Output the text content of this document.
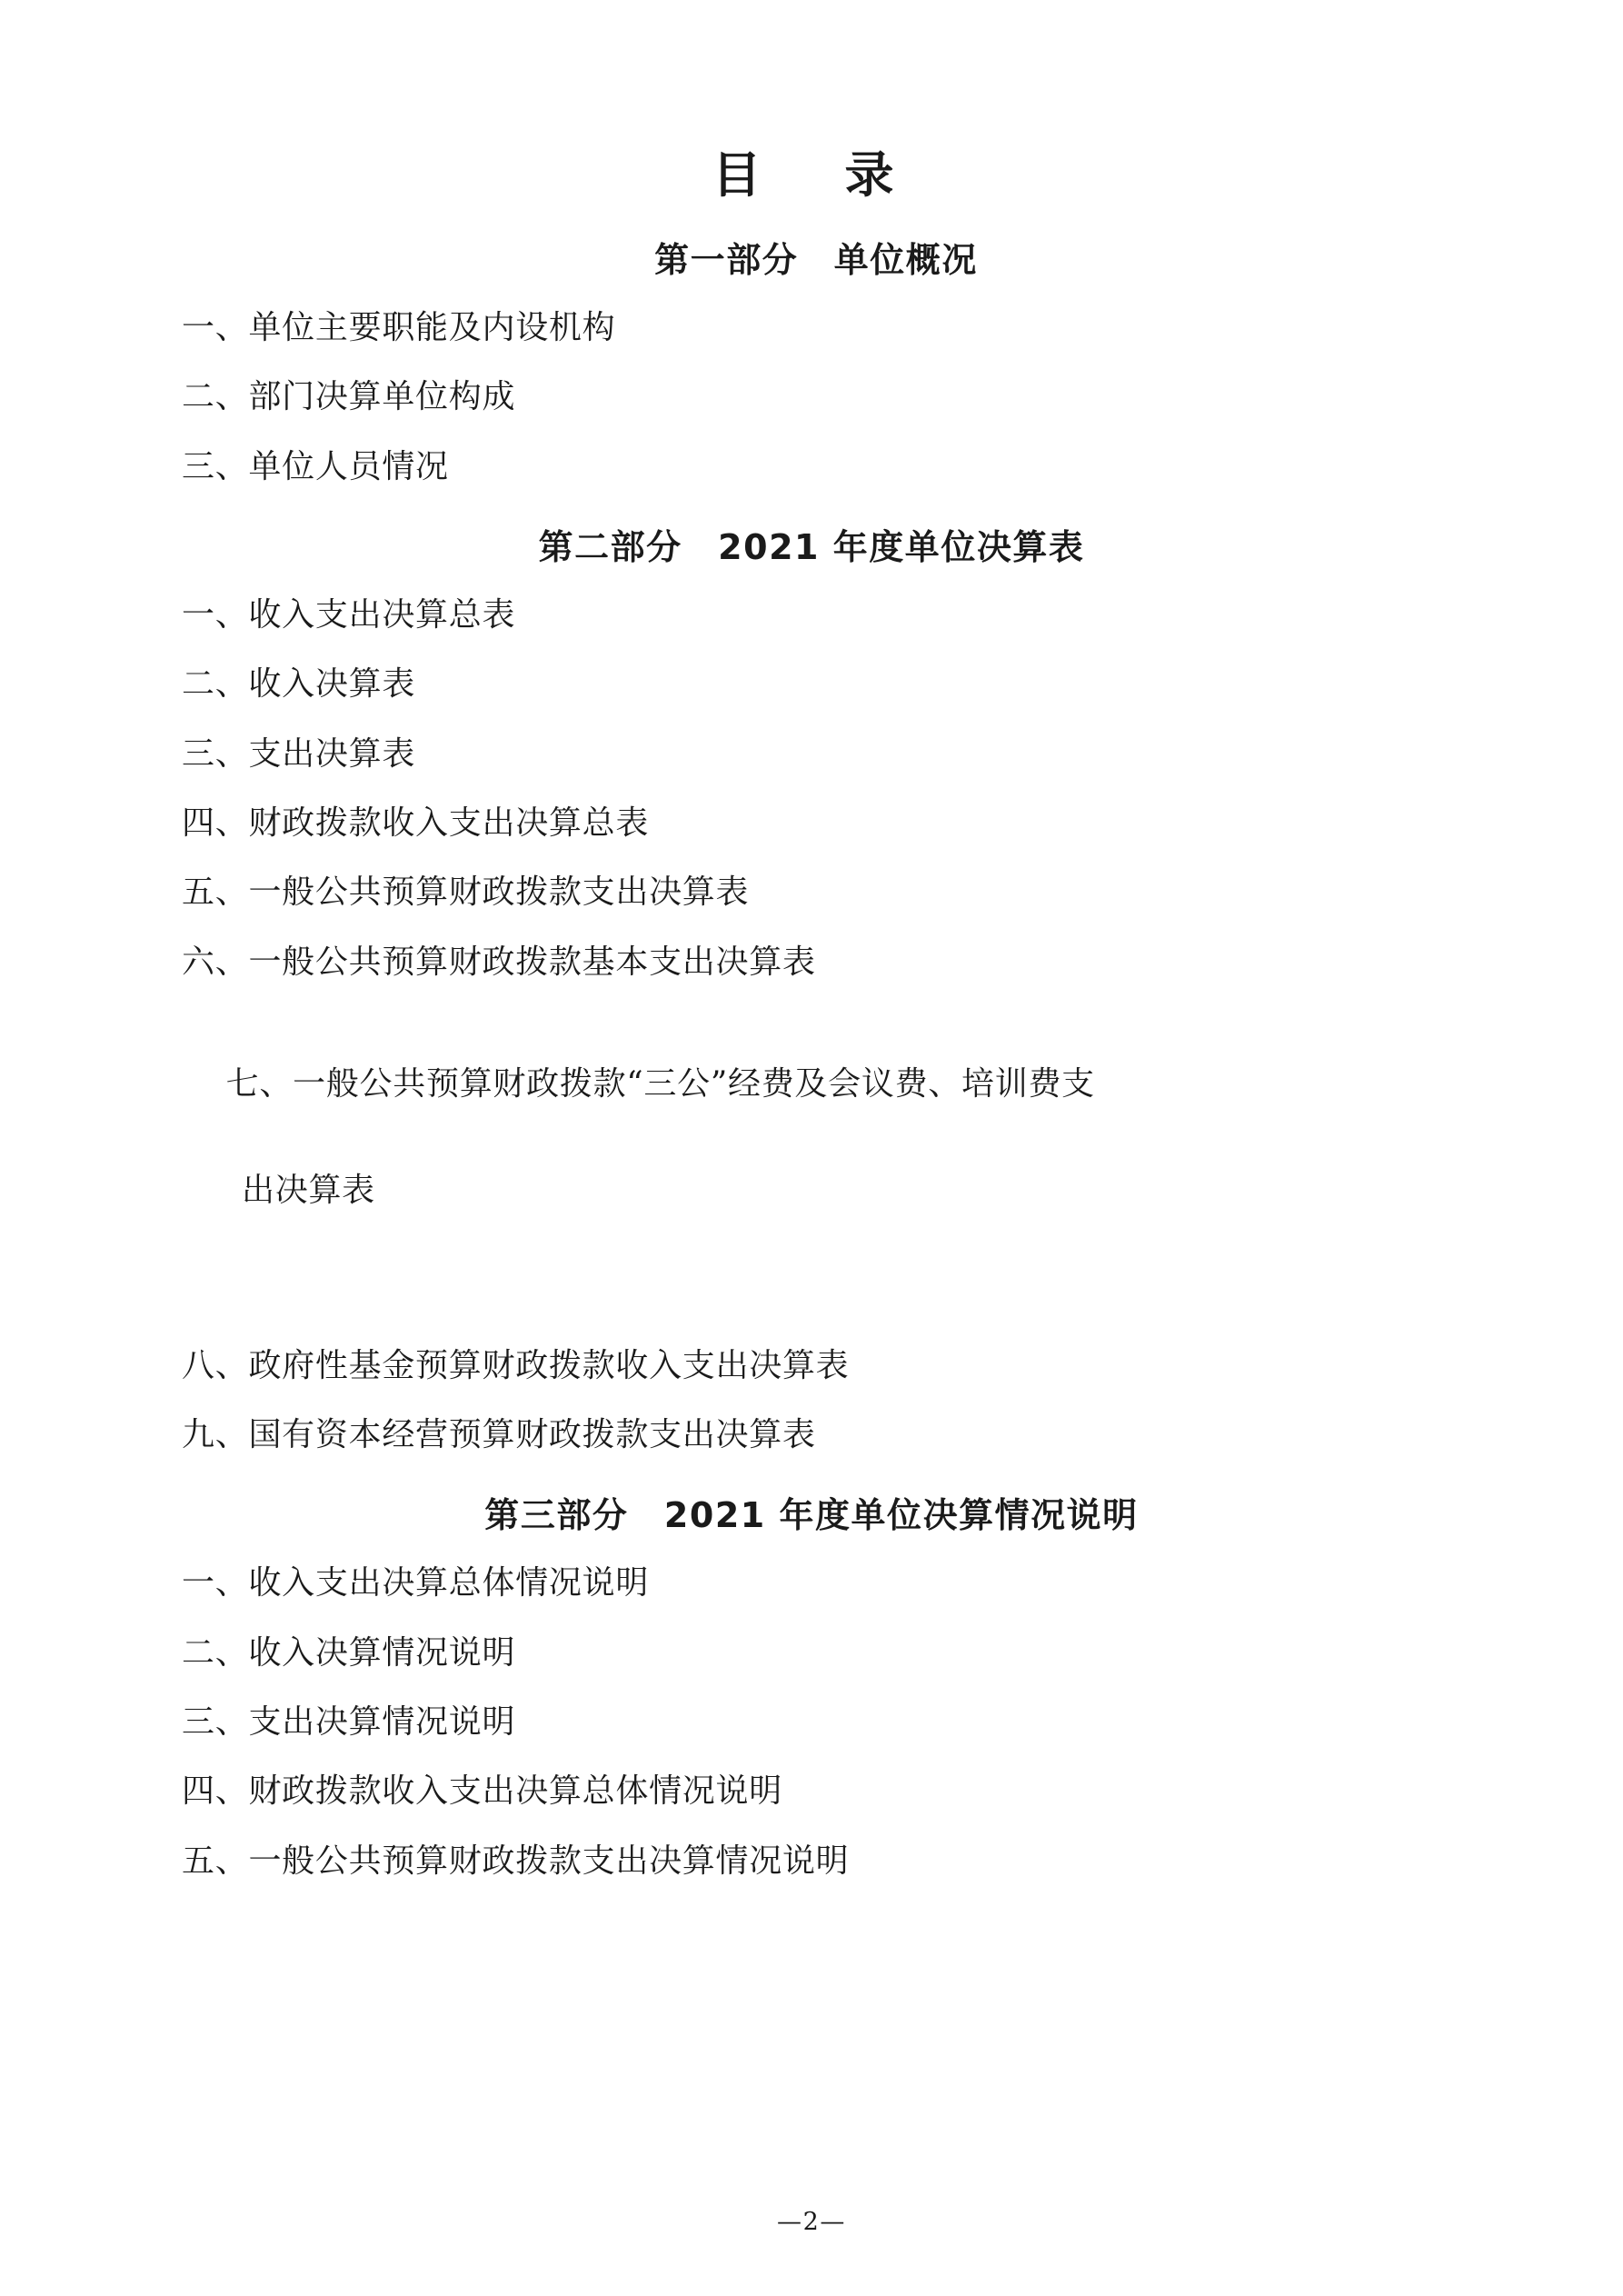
目　录
第一部分　单位概况
一、单位主要职能及内设机构
二、部门决算单位构成
三、单位人员情况
第二部分　2021 年度单位决算表
一、收入支出决算总表
二、收入决算表
三、支出决算表
四、财政拨款收入支出决算总表
五、一般公共预算财政拨款支出决算表
六、一般公共预算财政拨款基本支出决算表

七、一般公共预算财政拨款“三公”经费及会议费、培训费支

出决算表

八、政府性基金预算财政拨款收入支出决算表
九、国有资本经营预算财政拨款支出决算表
第三部分　2021 年度单位决算情况说明
一、收入支出决算总体情况说明
二、收入决算情况说明
三、支出决算情况说明
四、财政拨款收入支出决算总体情况说明
五、一般公共预算财政拨款支出决算情况说明
—2—
